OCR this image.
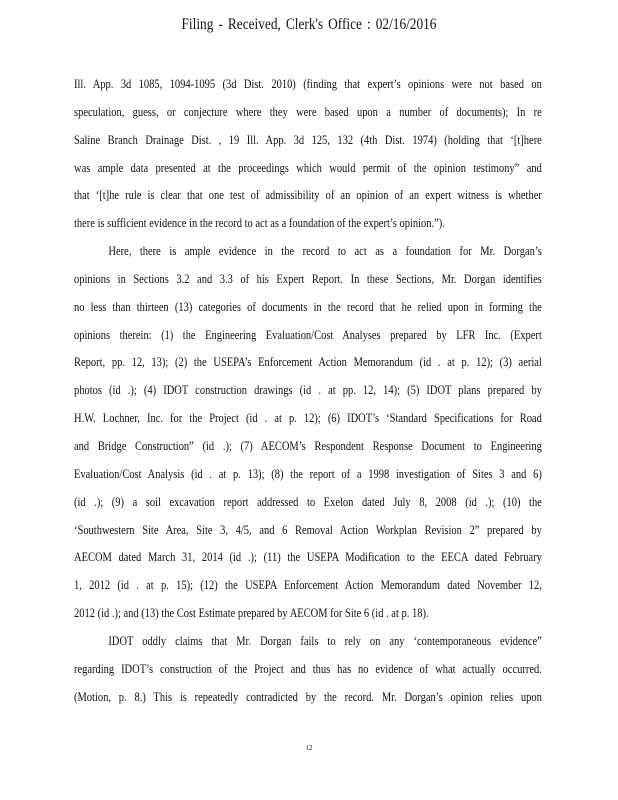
Filing - Received, Clerk's Office : 02/16/2016
Ill. App. 3d 1085, 1094-1095 (3d Dist. 2010) (finding that expert’s opinions were not based on
speculation, guess, or conjecture where they were based upon a number of documents); In re
Saline Branch Drainage Dist. , 19 Ill. App. 3d 125, 132 (4th Dist. 1974) (holding that ‘[t]here
was ample data presented at the proceedings which would permit of the opinion testimony” and
that ‘[t]he rule is clear that one test of admissibility of an opinion of an expert witness is whether
there is sufficient evidence in the record to act as a foundation of the expert’s opinion.”).
Here, there is ample evidence in the record to act as a foundation for Mr. Dorgan’s
opinions in Sections 3.2 and 3.3 of his Expert Report. In these Sections, Mr. Dorgan identifies
no less than thirteen (13) categories of documents in the record that he relied upon in forming the
opinions therein: (1) the Engineering Evaluation/Cost Analyses prepared by LFR Inc. (Expert
Report, pp. 12, 13); (2) the USEPA’s Enforcement Action Memorandum (id . at p. 12); (3) aerial
photos (id .); (4) IDOT construction drawings (id . at pp. 12, 14); (5) IDOT plans prepared by
H.W. Lochner, Inc. for the Project (id . at p. 12); (6) IDOT’s ‘Standard Specifications for Road
and Bridge Construction” (id .); (7) AECOM’s Respondent Response Document to Engineering
Evaluation/Cost Analysis (id . at p. 13); (8) the report of a 1998 investigation of Sites 3 and 6)
(id .); (9) a soil excavation report addressed to Exelon dated July 8, 2008 (id .); (10) the
‘Southwestern Site Area, Site 3, 4/5, and 6 Removal Action Workplan Revision 2” prepared by
AECOM dated March 31, 2014 (id .); (11) the USEPA Modification to the EECA dated February
1, 2012 (id . at p. 15); (12) the USEPA Enforcement Action Memorandum dated November 12,
2012 (id .); and (13) the Cost Estimate prepared by AECOM for Site 6 (id . at p. 18).
IDOT oddly claims that Mr. Dorgan fails to rely on any ‘contemporaneous evidence”
regarding IDOT’s construction of the Project and thus has no evidence of what actually occurred.
(Motion, p. 8.) This is repeatedly contradicted by the record. Mr. Dorgan’s opinion relies upon
12
